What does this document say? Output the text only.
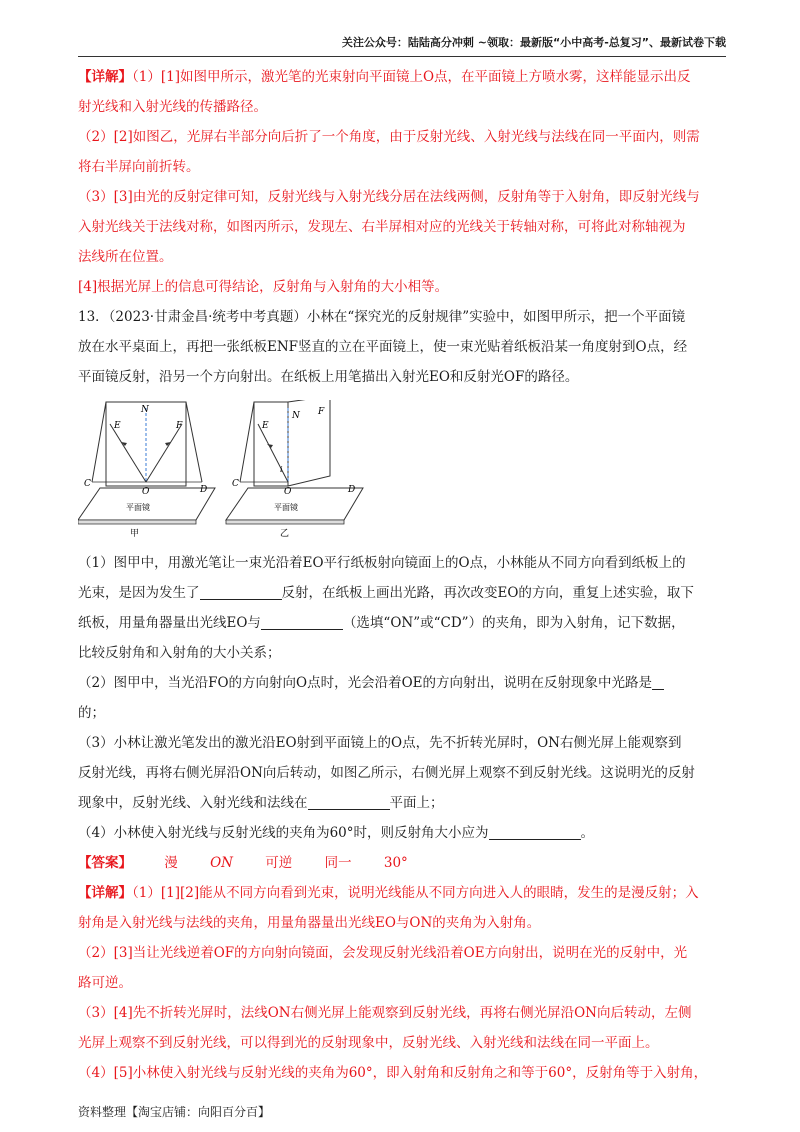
关注公众号：陆陆高分冲刺 ~领取：最新版“小中高考-总复习”、最新试卷下载
【详解】（1）[1]如图甲所示，激光笔的光束射向平面镜上O点，在平面镜上方喷水雾，这样能显示出反
射光线和入射光线的传播路径。
（2）[2]如图乙，光屏右半部分向后折了一个角度，由于反射光线、入射光线与法线在同一平面内，则需
将右半屏向前折转。
（3）[3]由光的反射定律可知，反射光线与入射光线分居在法线两侧，反射角等于入射角，即反射光线与
入射光线关于法线对称，如图丙所示，发现左、右半屏相对应的光线关于转轴对称，可将此对称轴视为
法线所在位置。
[4]根据光屏上的信息可得结论，反射角与入射角的大小相等。
13．（2023·甘肃金昌·统考中考真题）小林在“探究光的反射规律”实验中，如图甲所示，把一个平面镜
放在水平桌面上，再把一张纸板ENF竖直的立在平面镜上，使一束光贴着纸板沿某一角度射到O点，经
平面镜反射，沿另一个方向射出。在纸板上用笔描出入射光EO和反射光OF的路径。
E
N
F
C
D
O
平面镜
甲
E
N F
i
C
D
O
平面镜
乙
（1）图甲中，用激光笔让一束光沿着EO平行纸板射向镜面上的O点，小林能从不同方向看到纸板上的
光束，是因为发生了	反射，在纸板上画出光路，再次改变EO的方向，重复上述实验，取下
纸板，用量角器量出光线EO与	（选填“ON”或“CD”）的夹角，即为入射角，记下数据，
比较反射角和入射角的大小关系；
（2）图甲中，当光沿FO的方向射向O点时，光会沿着OE的方向射出，说明在反射现象中光路是
的；
（3）小林让激光笔发出的激光沿EO射到平面镜上的O点，先不折转光屏时，ON右侧光屏上能观察到
反射光线，再将右侧光屏沿ON向后转动，如图乙所示，右侧光屏上观察不到反射光线。这说明光的反射
现象中，反射光线、入射光线和法线在	平面上；
（4）小林使入射光线与反射光线的夹角为60°时，则反射角大小应为	。
【答案】 漫 ON 可逆 同一 30°
【详解】（1）[1][2]能从不同方向看到光束，说明光线能从不同方向进入人的眼睛，发生的是漫反射；入
射角是入射光线与法线的夹角，用量角器量出光线EO与ON的夹角为入射角。
（2）[3]当让光线逆着OF的方向射向镜面，会发现反射光线沿着OE方向射出，说明在光的反射中，光
路可逆。
（3）[4]先不折转光屏时，法线ON右侧光屏上能观察到反射光线，再将右侧光屏沿ON向后转动，左侧
光屏上观察不到反射光线，可以得到光的反射现象中，反射光线、入射光线和法线在同一平面上。
（4）[5]小林使入射光线与反射光线的夹角为60°，即入射角和反射角之和等于60°，反射角等于入射角，
资料整理【淘宝店铺：向阳百分百】
